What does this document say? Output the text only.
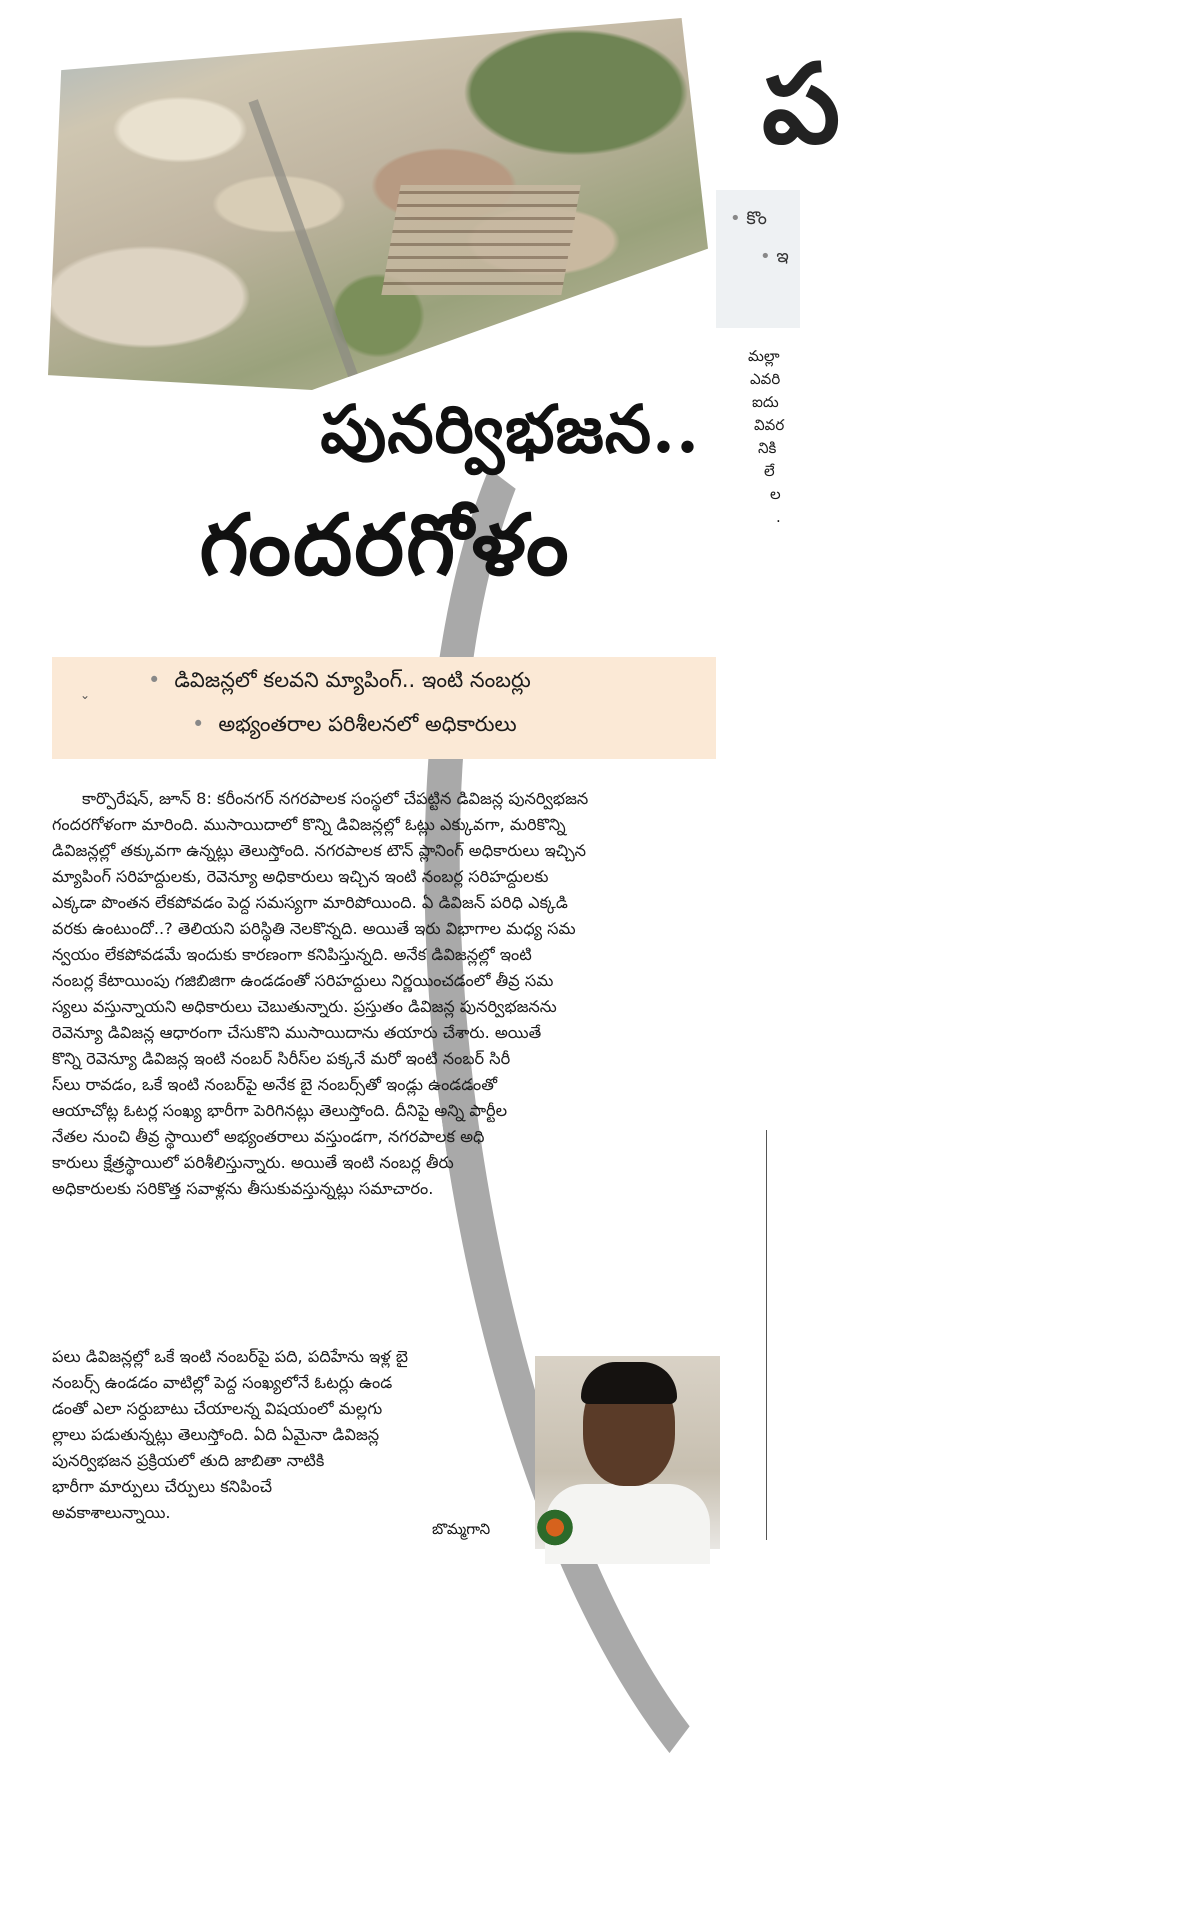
ప
• కొం
• ఇ
మల్లా
ఎవరి
ఐదు
వివర
నికి
లే
ల
.
పునర్విభజన..
గందరగోళం
⌄
• డివిజన్లలో కలవని మ్యాపింగ్‌.. ఇంటి నంబర్లు
• అభ్యంతరాల పరిశీలనలో అధికారులు
కార్పొరేషన్‌, జూన్‌ 8: కరీంనగర్‌ నగరపాలక సంస్థలో చేపట్టిన డివిజన్ల పునర్విభజన
గందరగోళంగా మారింది. ముసాయిదాలో కొన్ని డివిజన్లల్లో ఓట్లు ఎక్కువగా, మరికొన్ని
డివిజన్లల్లో తక్కువగా ఉన్నట్లు తెలుస్తోంది. నగరపాలక టౌన్‌ ప్లానింగ్‌ అధికారులు ఇచ్చిన
మ్యాపింగ్‌ సరిహద్దులకు, రెవెన్యూ అధికారులు ఇచ్చిన ఇంటి నంబర్ల సరిహద్దులకు
ఎక్కడా పొంతన లేకపోవడం పెద్ద సమస్యగా మారిపోయింది. ఏ డివిజన్‌ పరిధి ఎక్కడి
వరకు ఉంటుందో..? తెలియని పరిస్థితి నెలకొన్నది. అయితే ఇరు విభాగాల మధ్య సమ
న్వయం లేకపోవడమే ఇందుకు కారణంగా కనిపిస్తున్నది. అనేక డివిజన్లల్లో ఇంటి
నంబర్ల కేటాయింపు గజిబిజిగా ఉండడంతో సరిహద్దులు నిర్ణయించడంలో తీవ్ర సమ
స్యలు వస్తున్నాయని అధికారులు చెబుతున్నారు. ప్రస్తుతం డివిజన్ల పునర్విభజనను
రెవెన్యూ డివిజన్ల ఆధారంగా చేసుకొని ముసాయిదాను తయారు చేశారు. అయితే
కొన్ని రెవెన్యూ డివిజన్ల ఇంటి నంబర్‌ సిరీస్‌ల పక్కనే మరో ఇంటి నంబర్‌ సిరీ
స్‌లు రావడం, ఒకే ఇంటి నంబర్‌పై అనేక బై నంబర్స్‌తో ఇండ్లు ఉండడంతో
ఆయాచోట్ల ఓటర్ల సంఖ్య భారీగా పెరిగినట్లు తెలుస్తోంది. దీనిపై అన్ని పార్టీల
నేతల నుంచి తీవ్ర స్థాయిలో అభ్యంతరాలు వస్తుండగా, నగరపాలక అధి
కారులు క్షేత్రస్థాయిలో పరిశీలిస్తున్నారు. అయితే ఇంటి నంబర్ల తీరు
అధికారులకు సరికొత్త సవాళ్లను తీసుకువస్తున్నట్లు సమాచారం.
పలు డివిజన్లల్లో ఒకే ఇంటి నంబర్‌పై పది, పదిహేను ఇళ్ల బై
నంబర్స్‌ ఉండడం వాటిల్లో పెద్ద సంఖ్యలోనే ఓటర్లు ఉండ
డంతో ఎలా సర్దుబాటు చేయాలన్న విషయంలో మల్లగు
ల్లాలు పడుతున్నట్లు తెలుస్తోంది. ఏది ఏమైనా డివిజన్ల
పునర్విభజన ప్రక్రియలో తుది జాబితా నాటికి
భారీగా మార్పులు చేర్పులు కనిపించే
అవకాశాలున్నాయి.
బొమ్మగాని
